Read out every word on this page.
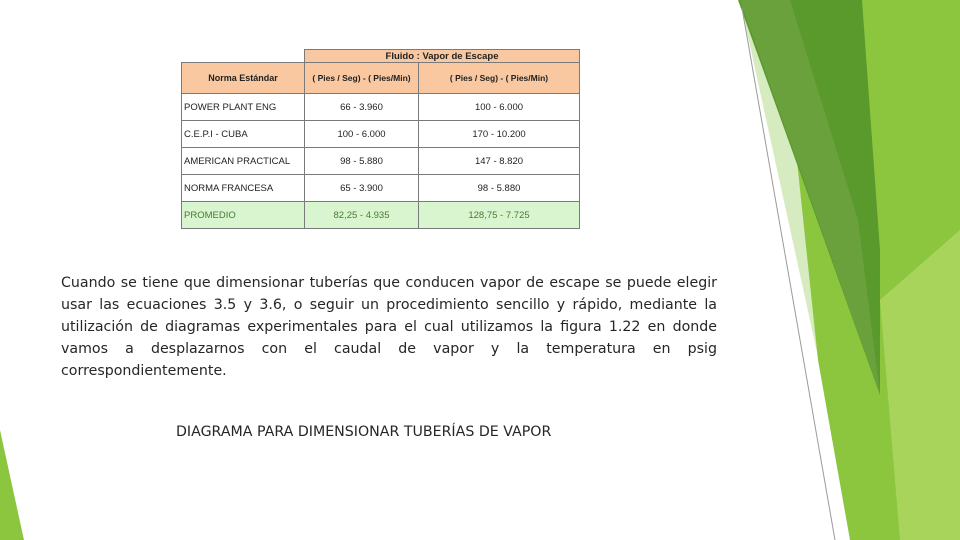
	Fluido : Vapor de Escape	
Norma Estándar	( Pies / Seg) - ( Pies/Min)	( Pies / Seg) - ( Pies/Min)
POWER PLANT ENG	66 - 3.960	100 - 6.000
C.E.P.I - CUBA	100 - 6.000	170 - 10.200
AMERICAN PRACTICAL	98 - 5.880	147 - 8.820
NORMA FRANCESA	65 - 3.900	98 - 5.880
PROMEDIO	82,25 - 4.935	128,75 - 7.725

Cuando se tiene que dimensionar tuberías que conducen vapor de escape se puede elegir usar las ecuaciones 3.5 y 3.6, o seguir un procedimiento sencillo y rápido, mediante la utilización de diagramas experimentales para el cual utilizamos la figura 1.22 en donde vamos a desplazarnos con el caudal de vapor y la temperatura en psig correspondientemente.

DIAGRAMA PARA DIMENSIONAR TUBERÍAS DE VAPOR
